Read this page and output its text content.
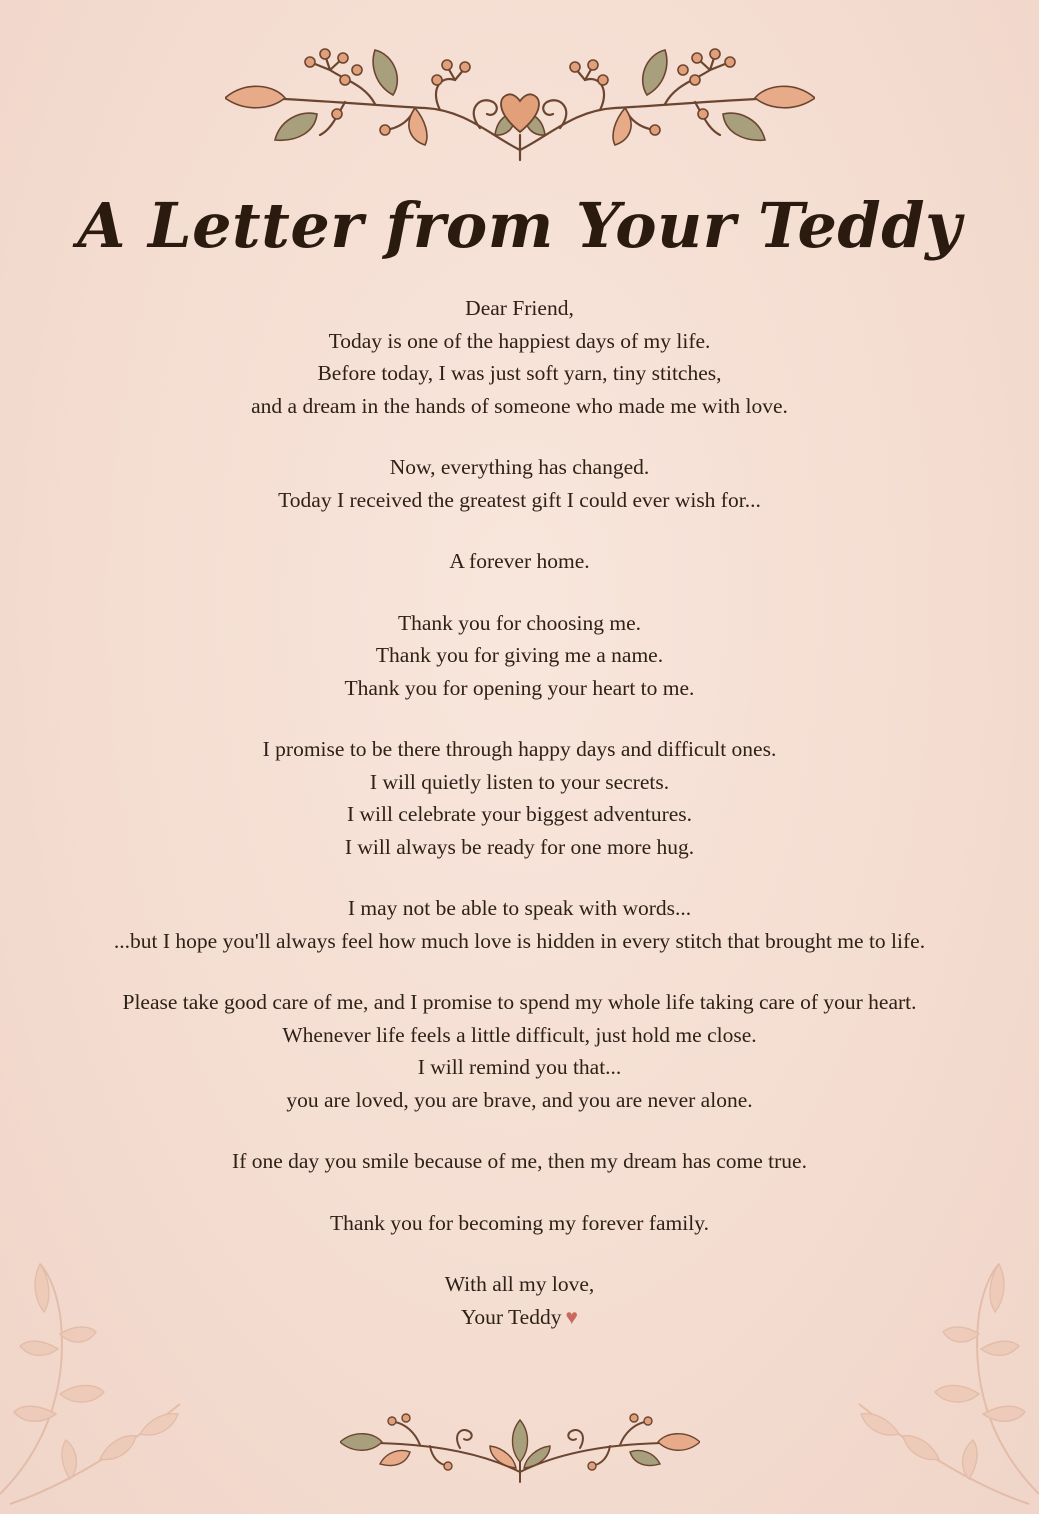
A Letter from Your Teddy

Dear Friend,

Today is one of the happiest days of my life.

Before today, I was just soft yarn, tiny stitches,

and a dream in the hands of someone who made me with love.

Now, everything has changed.

Today I received the greatest gift I could ever wish for...

A forever home.

Thank you for choosing me.

Thank you for giving me a name.

Thank you for opening your heart to me.

I promise to be there through happy days and difficult ones.

I will quietly listen to your secrets.

I will celebrate your biggest adventures.

I will always be ready for one more hug.

I may not be able to speak with words...

...but I hope you'll always feel how much love is hidden in every stitch that brought me to life.

Please take good care of me, and I promise to spend my whole life taking care of your heart.

Whenever life feels a little difficult, just hold me close.

I will remind you that...

you are loved, you are brave, and you are never alone.

If one day you smile because of me, then my dream has come true.

Thank you for becoming my forever family.

With all my love,

Your Teddy ♥
